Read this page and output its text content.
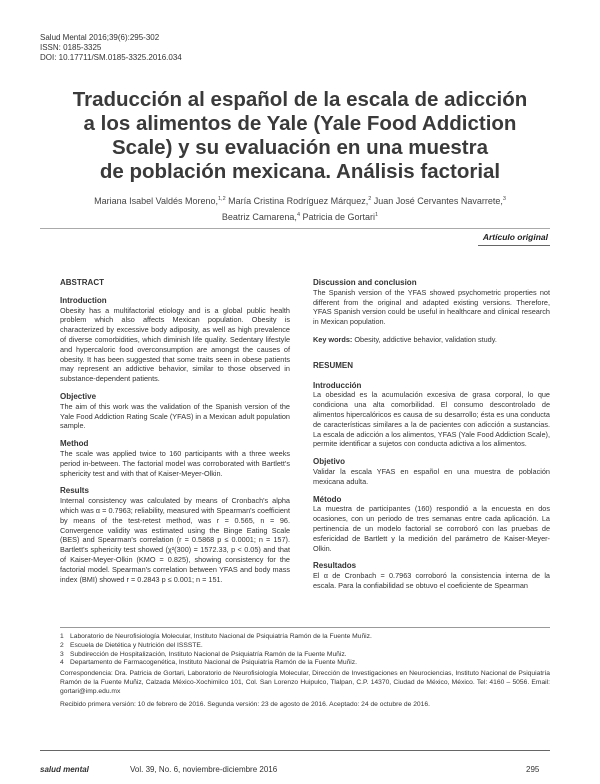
Salud Mental 2016;39(6):295-302
ISSN: 0185-3325
DOI: 10.17711/SM.0185-3325.2016.034
Traducción al español de la escala de adicción
a los alimentos de Yale (Yale Food Addiction
Scale) y su evaluación en una muestra
de población mexicana. Análisis factorial
Mariana Isabel Valdés Moreno,$^{1,2}$ María Cristina Rodríguez Márquez,$^2$ Juan José Cervantes Navarrete,$^3$
Beatriz Camarena,$^4$ Patricia de Gortari$^1$
Artículo original

ABSTRACT

Introduction

Obesity has a multifactorial etiology and is a global public health problem which also affects Mexican population. Obesity is characterized by excessive body adiposity, as well as high prevalence of diverse comorbidities, which diminish life quality. Sedentary lifestyle and hypercaloric food overconsumption are amongst the causes of obesity. It has been suggested that some traits seen in obese patients may represent an addictive behavior, similar to those observed in substance-dependent patients.

Objective

The aim of this work was the validation of the Spanish version of the Yale Food Addiction Rating Scale (YFAS) in a Mexican adult population sample.

Method

The scale was applied twice to 160 participants with a three weeks period in-between. The factorial model was corroborated with Bartlett's sphericity test and with that of Kaiser-Meyer-Olkin.

Results

Internal consistency was calculated by means of Cronbach's alpha which was α = 0.7963; reliability, measured with Spearman's coefficient by means of the test-retest method, was r = 0.565, n = 96. Convergence validity was estimated using the Binge Eating Scale (BES) and Spearman's correlation (r = 0.5868 p ≤ 0.0001; n = 157). Bartlett's sphericity test showed (χ²(300) = 1572.33, p < 0.05) and that of Kaiser-Meyer-Olkin (KMO = 0.825), showing consistency for the factorial model. Spearman's correlation between YFAS and body mass index (BMI) showed r = 0.2843 p ≤ 0.001; n = 151.

Discussion and conclusion

The Spanish version of the YFAS showed psychometric properties not different from the original and adapted existing versions. Therefore, YFAS Spanish version could be useful in healthcare and clinical research in Mexican population.

Key words: Obesity, addictive behavior, validation study.

RESUMEN

Introducción

La obesidad es la acumulación excesiva de grasa corporal, lo que condiciona una alta comorbilidad. El consumo descontrolado de alimentos hipercalóricos es causa de su desarrollo; ésta es una conducta de características similares a la de pacientes con adicción a sustancias. La escala de adicción a los alimentos, YFAS (Yale Food Addiction Scale), permite identificar a sujetos con conducta adictiva a los alimentos.

Objetivo

Validar la escala YFAS en español en una muestra de población mexicana adulta.

Método

La muestra de participantes (160) respondió a la encuesta en dos ocasiones, con un periodo de tres semanas entre cada aplicación. La pertinencia de un modelo factorial se corroboró con las pruebas de esfericidad de Bartlett y la medición del parámetro de Kaiser-Meyer-Olkin.

Resultados

El α de Cronbach = 0.7963 corroboró la consistencia interna de la escala. Para la confiabilidad se obtuvo el coeficiente de Spearman

1 Laboratorio de Neurofisiología Molecular, Instituto Nacional de Psiquiatría Ramón de la Fuente Muñiz.
2 Escuela de Dietética y Nutrición del ISSSTE.
3 Subdirección de Hospitalización, Instituto Nacional de Psiquiatría Ramón de la Fuente Muñiz.
4 Departamento de Farmacogenética, Instituto Nacional de Psiquiatría Ramón de la Fuente Muñiz.
Correspondencia: Dra. Patricia de Gortari, Laboratorio de Neurofisiología Molecular, Dirección de Investigaciones en Neurociencias, Instituto Nacional de Psiquiatría Ramón de la Fuente Muñiz, Calzada México-Xochimilco 101, Col. San Lorenzo Huipulco, Tlalpan, C.P. 14370, Ciudad de México, México. Tel: 4160 – 5056. Email: gortari@imp.edu.mx
Recibido primera versión: 10 de febrero de 2016. Segunda versión: 23 de agosto de 2016. Aceptado: 24 de octubre de 2016.
salud mental	Vol. 39, No. 6, noviembre-diciembre 2016	295
